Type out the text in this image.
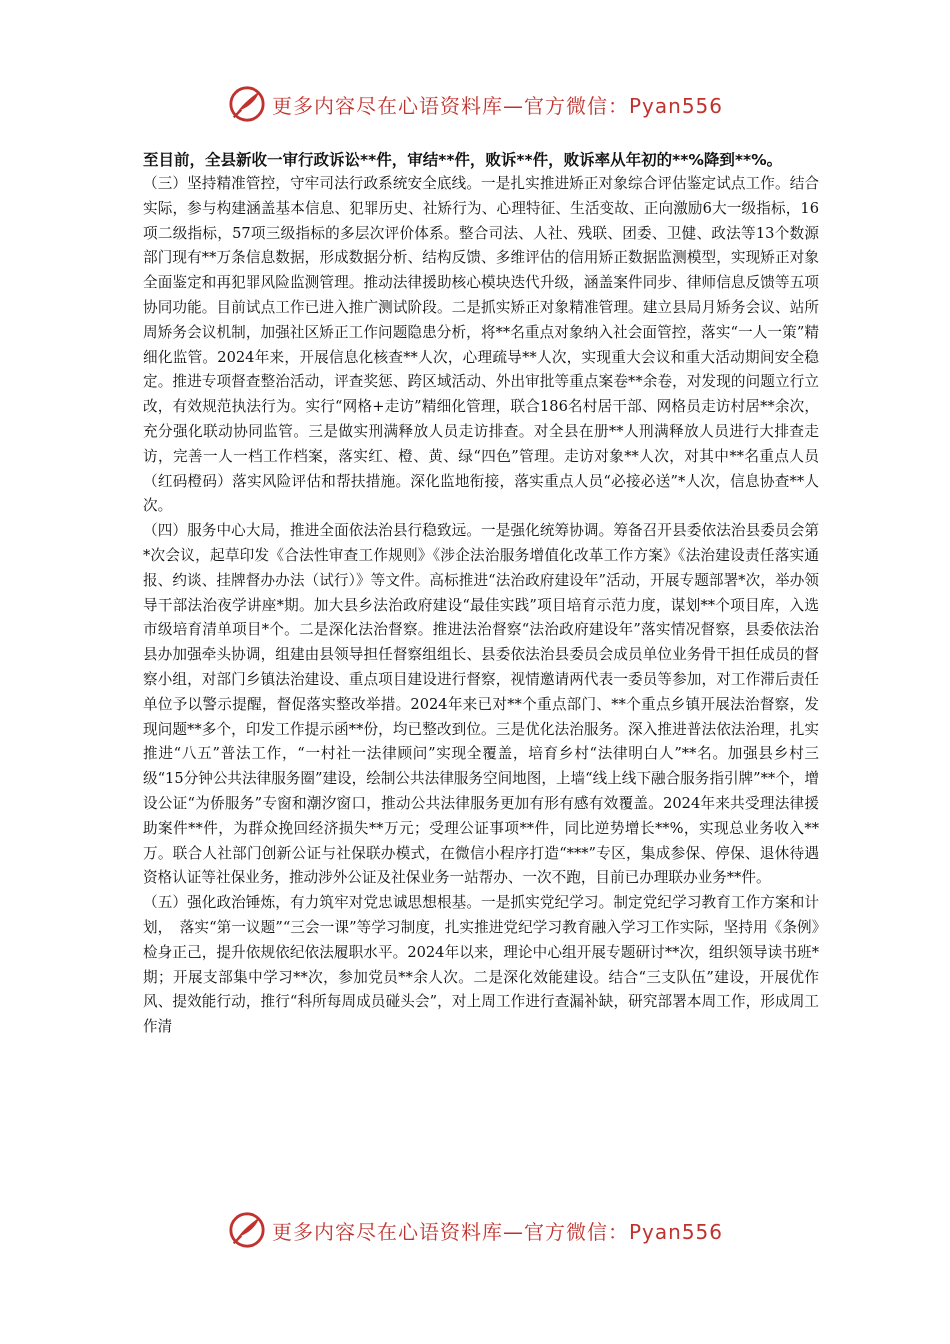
更多内容尽在心语资料库—官方微信：Pyan556

至目前，全县新收一审行政诉讼**件，审结**件，败诉**件，败诉率从年初的**%降到**%。

（三）坚持精准管控，守牢司法行政系统安全底线。一是扎实推进矫正对象综合评估鉴定试点工作。结合实际，参与构建涵盖基本信息、犯罪历史、社矫行为、心理特征、生活变故、正向激励6大一级指标，16项二级指标，57项三级指标的多层次评价体系。整合司法、人社、残联、团委、卫健、政法等13个数源部门现有**万条信息数据，形成数据分析、结构反馈、多维评估的信用矫正数据监测模型，实现矫正对象全面鉴定和再犯罪风险监测管理。推动法律援助核心模块迭代升级，涵盖案件同步、律师信息反馈等五项协同功能。目前试点工作已进入推广测试阶段。二是抓实矫正对象精准管理。建立县局月矫务会议、站所周矫务会议机制，加强社区矫正工作问题隐患分析，将**名重点对象纳入社会面管控，落实“一人一策”精细化监管。2024年来，开展信息化核查**人次，心理疏导**人次，实现重大会议和重大活动期间安全稳定。推进专项督查整治活动，评查奖惩、跨区域活动、外出审批等重点案卷**余卷，对发现的问题立行立改，有效规范执法行为。实行“网格+走访”精细化管理，联合186名村居干部、网格员走访村居**余次，充分强化联动协同监管。三是做实刑满释放人员走访排查。对全县在册**人刑满释放人员进行大排查走访，完善一人一档工作档案，落实红、橙、黄、绿“四色”管理。走访对象**人次，对其中**名重点人员（红码橙码）落实风险评估和帮扶措施。深化监地衔接，落实重点人员“必接必送”*人次，信息协查**人次。

（四）服务中心大局，推进全面依法治县行稳致远。一是强化统筹协调。筹备召开县委依法治县委员会第*次会议，起草印发《合法性审查工作规则》《涉企法治服务增值化改革工作方案》《法治建设责任落实通报、约谈、挂牌督办办法（试行）》等文件。高标推进“法治政府建设年”活动，开展专题部署*次，举办领导干部法治夜学讲座*期。加大县乡法治政府建设“最佳实践”项目培育示范力度，谋划**个项目库，入选市级培育清单项目*个。二是深化法治督察。推进法治督察“法治政府建设年”落实情况督察，县委依法治县办加强牵头协调，组建由县领导担任督察组组长、县委依法治县委员会成员单位业务骨干担任成员的督察小组，对部门乡镇法治建设、重点项目建设进行督察，视情邀请两代表一委员等参加，对工作滞后责任单位予以警示提醒，督促落实整改举措。2024年来已对**个重点部门、**个重点乡镇开展法治督察，发现问题**多个，印发工作提示函**份，均已整改到位。三是优化法治服务。深入推进普法依法治理，扎实推进“八五”普法工作，“一村社一法律顾问”实现全覆盖，培育乡村“法律明白人”**名。加强县乡村三级“15分钟公共法律服务圈”建设，绘制公共法律服务空间地图，上墙“线上线下融合服务指引牌”**个，增设公证“为侨服务”专窗和潮汐窗口，推动公共法律服务更加有形有感有效覆盖。2024年来共受理法律援助案件**件，为群众挽回经济损失**万元；受理公证事项**件，同比逆势增长**%，实现总业务收入**万。联合人社部门创新公证与社保联办模式，在微信小程序打造“***”专区，集成参保、停保、退休待遇资格认证等社保业务，推动涉外公证及社保业务一站帮办、一次不跑，目前已办理联办业务**件。

（五）强化政治锤炼，有力筑牢对党忠诚思想根基。一是抓实党纪学习。制定党纪学习教育工作方案和计划，　落实“第一议题”“三会一课”等学习制度，扎实推进党纪学习教育融入学习工作实际，坚持用《条例》检身正己，提升依规依纪依法履职水平。2024年以来，理论中心组开展专题研讨**次，组织领导读书班*期；开展支部集中学习**次，参加党员**余人次。二是深化效能建设。结合“三支队伍”建设，开展优作风、提效能行动，推行“科所每周成员碰头会”，对上周工作进行查漏补缺，研究部署本周工作，形成周工作清

更多内容尽在心语资料库—官方微信：Pyan556
